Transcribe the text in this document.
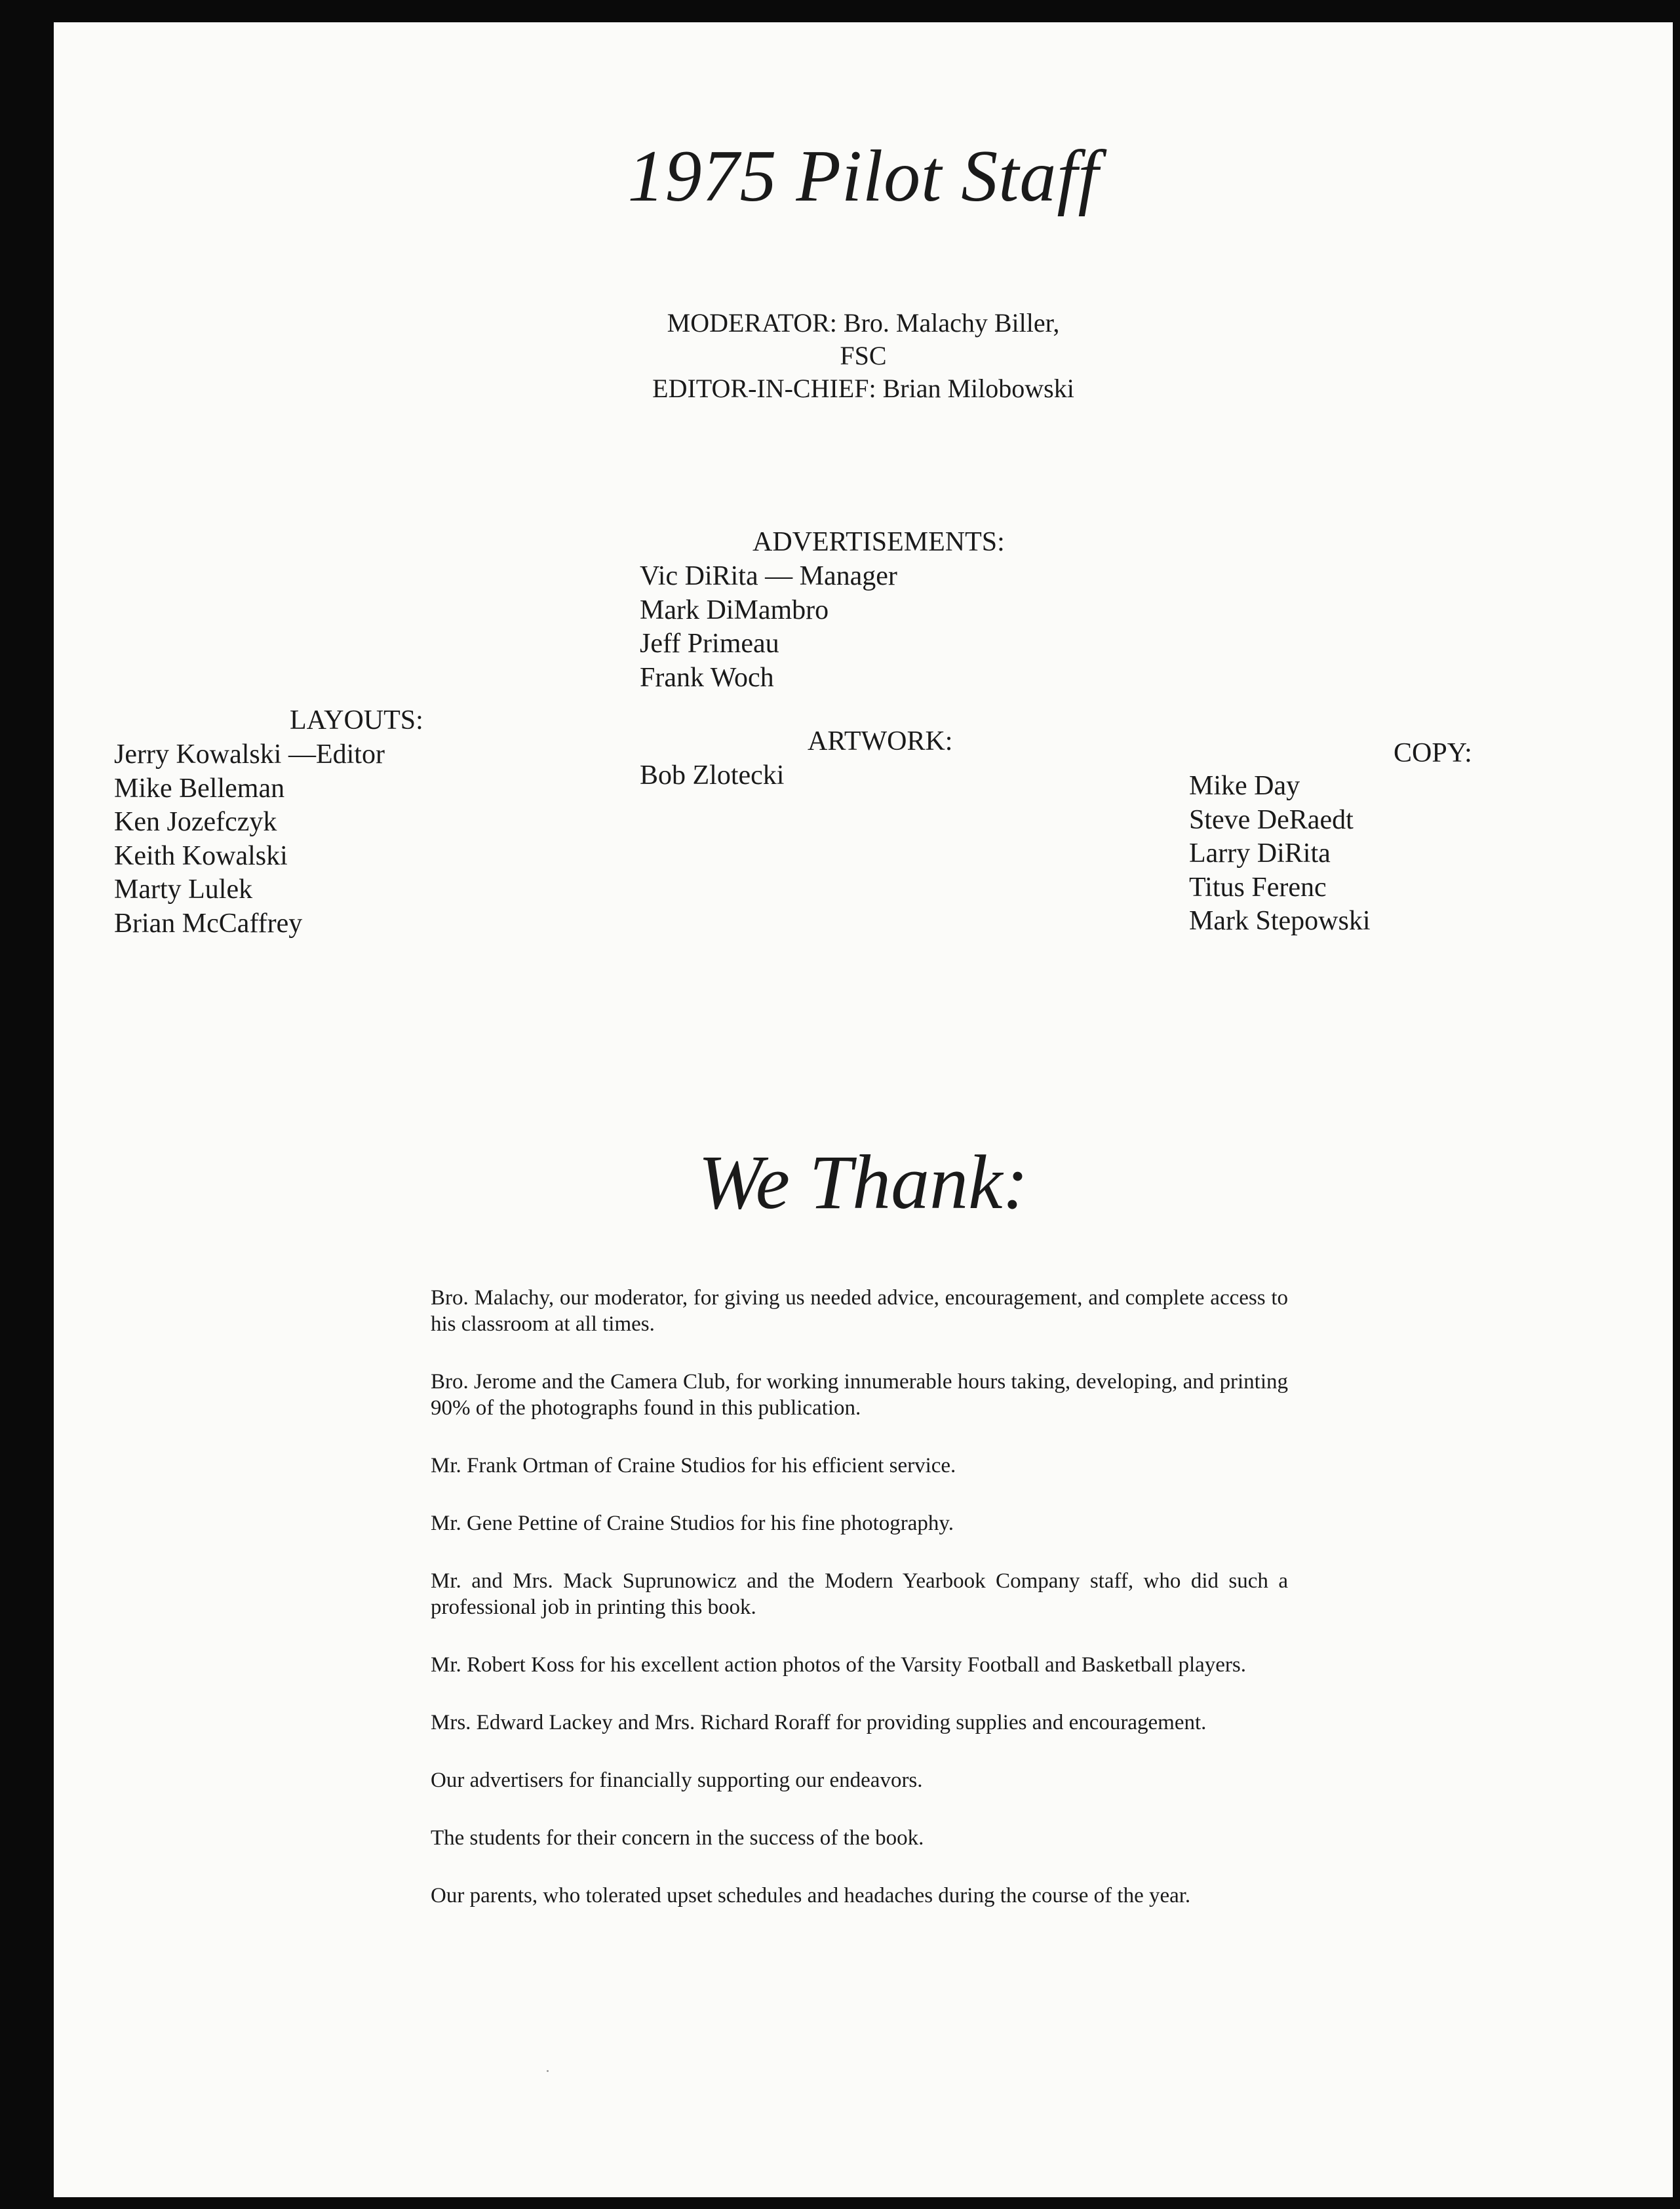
1975 Pilot Staff
MODERATOR: Bro. Malachy Biller,
FSC
EDITOR-IN-CHIEF: Brian Milobowski
ADVERTISEMENTS:
Vic DiRita — Manager
Mark DiMambro
Jeff Primeau
Frank Woch
LAYOUTS:
Jerry Kowalski —Editor
Mike Belleman
Ken Jozefczyk
Keith Kowalski
Marty Lulek
Brian McCaffrey
ARTWORK:
Bob Zlotecki
COPY:
Mike Day
Steve DeRaedt
Larry DiRita
Titus Ferenc
Mark Stepowski
We Thank:

Bro. Malachy, our moderator, for giving us needed advice, encouragement, and complete access to his classroom at all times.

Bro. Jerome and the Camera Club, for working innumerable hours taking, developing, and printing 90% of the photographs found in this publication.

Mr. Frank Ortman of Craine Studios for his efficient service.

Mr. Gene Pettine of Craine Studios for his fine photography.

Mr. and Mrs. Mack Suprunowicz and the Modern Yearbook Company staff, who did such a professional job in printing this book.

Mr. Robert Koss for his excellent action photos of the Varsity Football and Basketball players.

Mrs. Edward Lackey and Mrs. Richard Roraff for providing supplies and encouragement.

Our advertisers for financially supporting our endeavors.

The students for their concern in the success of the book.

Our parents, who tolerated upset schedules and headaches during the course of the year.
